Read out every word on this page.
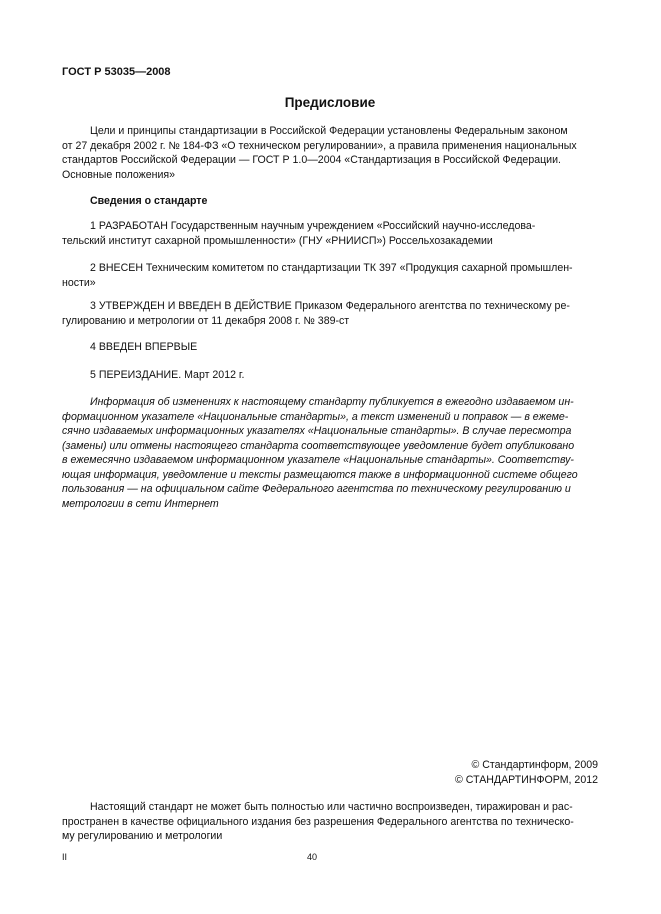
ГОСТ Р 53035—2008
Предисловие
Цели и принципы стандартизации в Российской Федерации установлены Федеральным законом
от 27 декабря 2002 г. № 184-ФЗ «О техническом регулировании», а правила применения национальных
стандартов Российской Федерации — ГОСТ Р 1.0—2004 «Стандартизация в Российской Федерации.
Основные положения»
Сведения о стандарте
1 РАЗРАБОТАН Государственным научным учреждением «Российский научно-исследова-
тельский институт сахарной промышленности» (ГНУ «РНИИСП») Россельхозакадемии
2 ВНЕСЕН Техническим комитетом по стандартизации ТК 397 «Продукция сахарной промышлен-
ности»
3 УТВЕРЖДЕН И ВВЕДЕН В ДЕЙСТВИЕ Приказом Федерального агентства по техническому ре-
гулированию и метрологии от 11 декабря 2008 г. № 389-ст
4 ВВЕДЕН ВПЕРВЫЕ
5 ПЕРЕИЗДАНИЕ. Март 2012 г.
Информация об изменениях к настоящему стандарту публикуется в ежегодно издаваемом ин-
формационном указателе «Национальные стандарты», а текст изменений и поправок — в ежеме-
сячно издаваемых информационных указателях «Национальные стандарты». В случае пересмотра
(замены) или отмены настоящего стандарта соответствующее уведомление будет опубликовано
в ежемесячно издаваемом информационном указателе «Национальные стандарты». Соответству-
ющая информация, уведомление и тексты размещаются также в информационной системе общего
пользования — на официальном сайте Федерального агентства по техническому регулированию и
метрологии в сети Интернет
© Стандартинформ, 2009
© СТАНДАРТИНФОРМ, 2012
Настоящий стандарт не может быть полностью или частично воспроизведен, тиражирован и рас-
пространен в качестве официального издания без разрешения Федерального агентства по техническо-
му регулированию и метрологии
II	40
